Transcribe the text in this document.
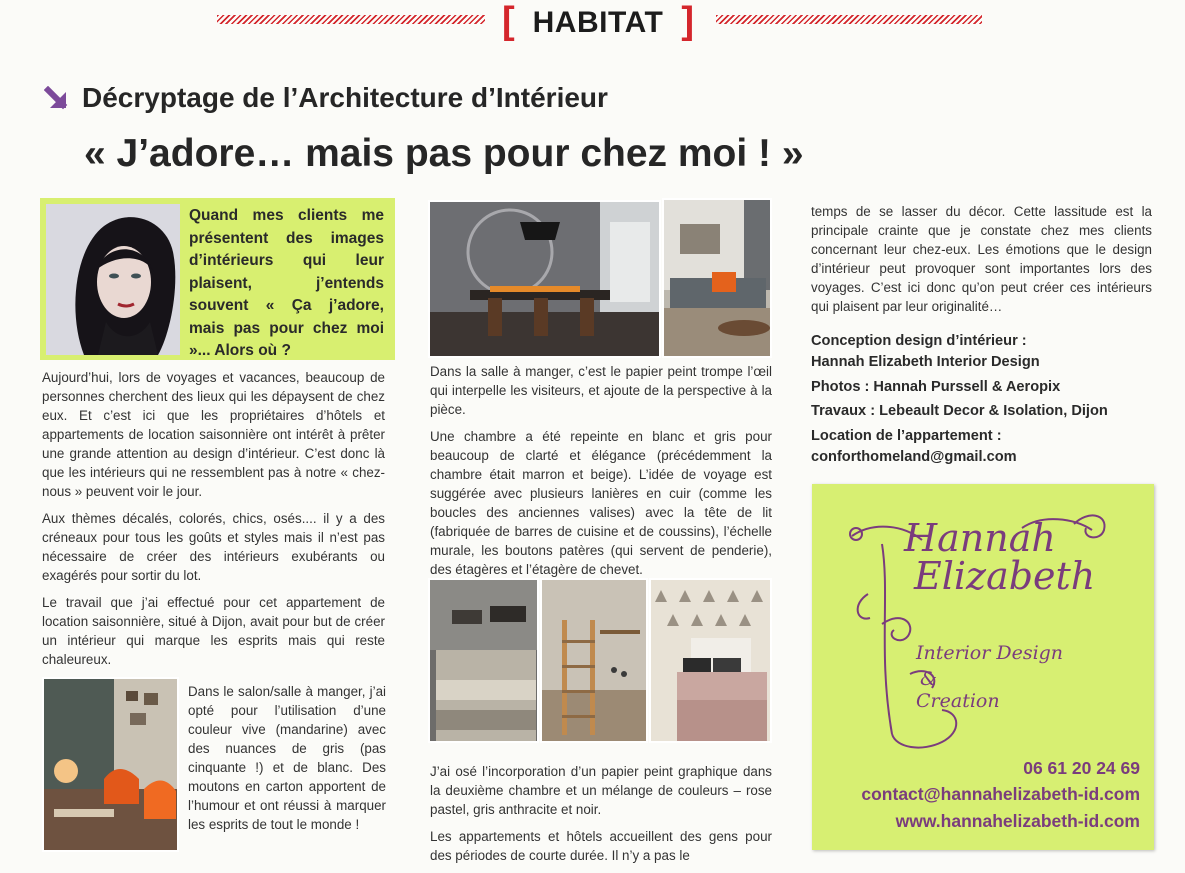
[ HABITAT ]
Décryptage de l’Architecture d’Intérieur
« J’adore… mais pas pour chez moi ! »
Quand mes clients me présentent des images d’intérieurs qui leur plaisent, j’entends souvent « Ça j’adore, mais pas pour chez moi »... Alors où ?

Aujourd’hui, lors de voyages et vacances, beaucoup de personnes cherchent des lieux qui les dépaysent de chez eux. Et c’est ici que les propriétaires d’hôtels et appartements de location saisonnière ont intérêt à prêter une grande attention au design d’intérieur. C’est donc là que les intérieurs qui ne ressemblent pas à notre « chez-nous » peuvent voir le jour.

Aux thèmes décalés, colorés, chics, osés.... il y a des créneaux pour tous les goûts et styles mais il n’est pas nécessaire de créer des intérieurs exubérants ou exagérés pour sortir du lot.

Le travail que j’ai effectué pour cet appartement de location saisonnière, situé à Dijon, avait pour but de créer un intérieur qui marque les esprits mais qui reste chaleureux.

Dans le salon/salle à manger, j’ai opté pour l’utilisation d’une couleur vive (mandarine) avec des nuances de gris (pas cinquante !) et de blanc. Des moutons en carton apportent de l’humour et ont réussi à marquer les esprits de tout le monde !

Dans la salle à manger, c’est le papier peint trompe l’œil qui interpelle les visiteurs, et ajoute de la perspective à la pièce.

Une chambre a été repeinte en blanc et gris pour beaucoup de clarté et élégance (précédemment la chambre était marron et beige). L’idée de voyage est suggérée avec plusieurs lanières en cuir (comme les boucles des anciennes valises) avec la tête de lit (fabriquée de barres de cuisine et de coussins), l’échelle murale, les boutons patères (qui servent de penderie), des étagères et l’étagère de chevet.

J’ai osé l’incorporation d’un papier peint graphique dans la deuxième chambre et un mélange de couleurs – rose pastel, gris anthracite et noir.

Les appartements et hôtels accueillent des gens pour des périodes de courte durée. Il n’y a pas le

temps de se lasser du décor. Cette lassitude est la principale crainte que je constate chez mes clients concernant leur chez-eux. Les émotions que le design d’intérieur peut provoquer sont importantes lors des voyages. C’est ici donc qu’on peut créer ces intérieurs qui plaisent par leur originalité…

Conception design d’intérieur :
Hannah Elizabeth Interior Design
Photos : Hannah Purssell & Aeropix
Travaux : Lebeault Decor & Isolation, Dijon
Location de l’appartement :
conforthomeland@gmail.com
Hannah
Elizabeth
Interior Design
&
Creation
06 61 20 24 69
contact@hannahelizabeth-id.com
www.hannahelizabeth-id.com
